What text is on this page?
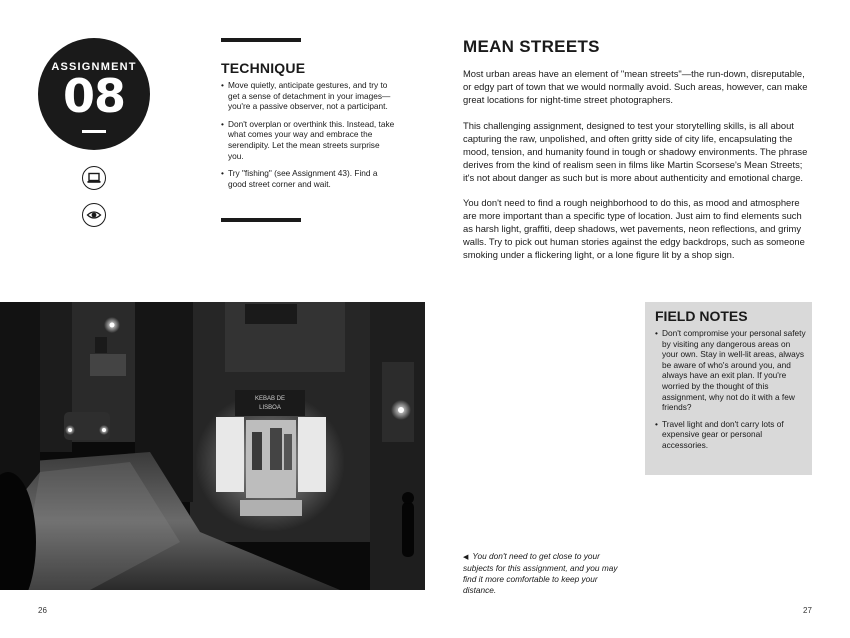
ASSIGNMENT
08
TECHNIQUE
• Move quietly, anticipate gestures, and try to get a sense of detachment in your images—you're a passive observer, not a participant.
• Don't overplan or overthink this. Instead, take what comes your way and embrace the serendipity. Let the mean streets surprise you.
• Try "fishing" (see Assignment 43). Find a good street corner and wait.
MEAN STREETS

Most urban areas have an element of "mean streets"—the run-down, disreputable, or edgy part of town that we would normally avoid. Such areas, however, can make great locations for night-time street photographers.

This challenging assignment, designed to test your storytelling skills, is all about capturing the raw, unpolished, and often gritty side of city life, encapsulating the mood, tension, and humanity found in tough or shadowy environments. The phrase derives from the kind of realism seen in films like Martin Scorsese's Mean Streets; it's not about danger as such but is more about authenticity and emotional charge.

You don't need to find a rough neighborhood to do this, as mood and atmosphere are more important than a specific type of location. Just aim to find elements such as harsh light, graffiti, deep shadows, wet pavements, neon reflections, and grimy walls. Try to pick out human stories against the edgy backdrops, such as someone smoking under a flickering light, or a lone figure lit by a shop sign.

KEBAB DE
LISBOA
FIELD NOTES
• Don't compromise your personal safety by visiting any dangerous areas on your own. Stay in well-lit areas, always be aware of who's around you, and always have an exit plan. If you're worried by the thought of this assignment, why not do it with a few friends?
• Travel light and don't carry lots of expensive gear or personal accessories.
◀ You don't need to get close to your subjects for this assignment, and you may find it more comfortable to keep your distance.
26	27
